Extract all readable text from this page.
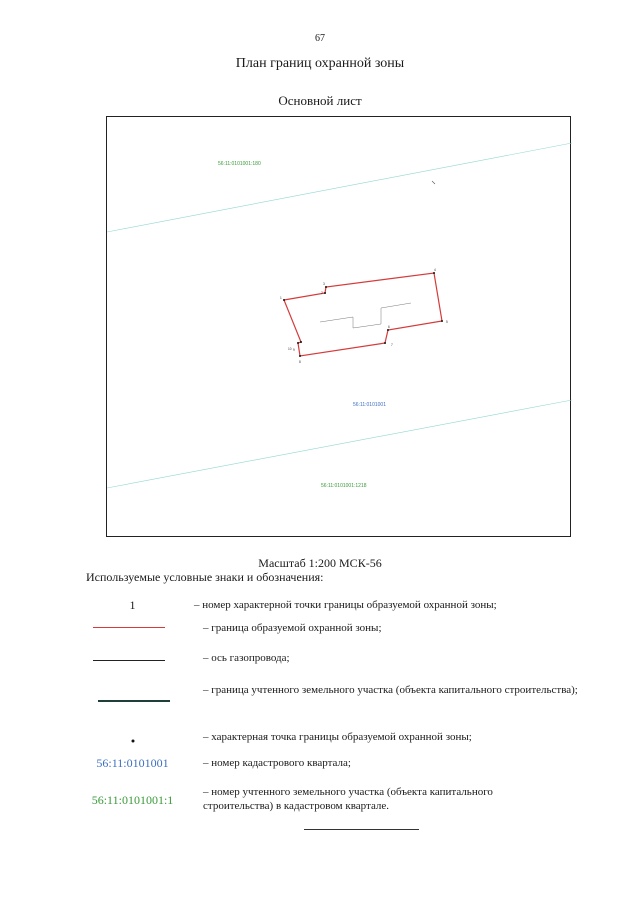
67
План границ охранной зоны
Основной лист
56:11:0101001:180
56:11:0101001
56:11:0101001:1218
1
2
3
4
5
6
7
8
9
10
Масштаб 1:200 МСК-56
Используемые условные знаки и обозначения:
1	– номер характерной точки границы образуемой охранной зоны;
– граница образуемой охранной зоны;
– ось газопровода;
– граница учтенного земельного участка (объекта капитального строительства);
– характерная точка границы образуемой охранной зоны;
56:11:0101001	– номер кадастрового квартала;
56:11:0101001:1
– номер учтенного земельного участка (объекта капитального строительства) в кадастровом квартале.
